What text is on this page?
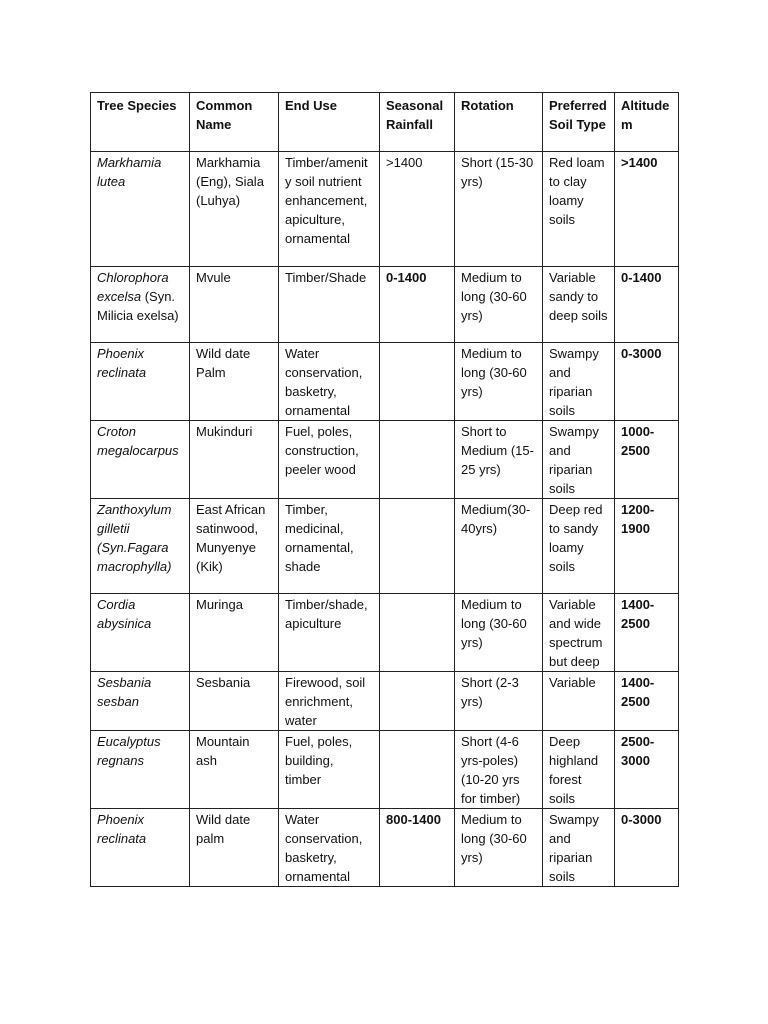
Tree Species	Common Name	End Use	Seasonal Rainfall	Rotation	Preferred Soil Type	Altitude m
Markhamia lutea	Markhamia (Eng), Siala (Luhya)	Timber/amenity soil nutrient enhancement, apiculture, ornamental	>1400	Short (15-30 yrs)	Red loam to clay loamy soils	>1400
Chlorophora excelsa (Syn. Milicia exelsa)	Mvule	Timber/Shade	0-1400	Medium to long (30-60 yrs)	Variable sandy to deep soils	0-1400
Phoenix reclinata	Wild date Palm	Water conservation, basketry, ornamental		Medium to long (30-60 yrs)	Swampy and riparian soils	0-3000
Croton megalocarpus	Mukinduri	Fuel, poles, construction, peeler wood		Short to Medium (15-25 yrs)	Swampy and riparian soils	1000-2500
Zanthoxylum gilletii (Syn.Fagara macrophylla)	East African satinwood, Munyenye (Kik)	Timber, medicinal, ornamental, shade		Medium(30-40yrs)	Deep red to sandy loamy soils	1200-1900
Cordia abysinica	Muringa	Timber/shade, apiculture		Medium to long (30-60 yrs)	Variable and wide spectrum but deep	1400-2500
Sesbania sesban	Sesbania	Firewood, soil enrichment, water		Short (2-3 yrs)	Variable	1400-2500
Eucalyptus regnans	Mountain ash	Fuel, poles, building, timber		Short (4-6 yrs-poles) (10-20 yrs for timber)	Deep highland forest soils	2500-3000
Phoenix reclinata	Wild date palm	Water conservation, basketry, ornamental	800-1400	Medium to long (30-60 yrs)	Swampy and riparian soils	0-3000
